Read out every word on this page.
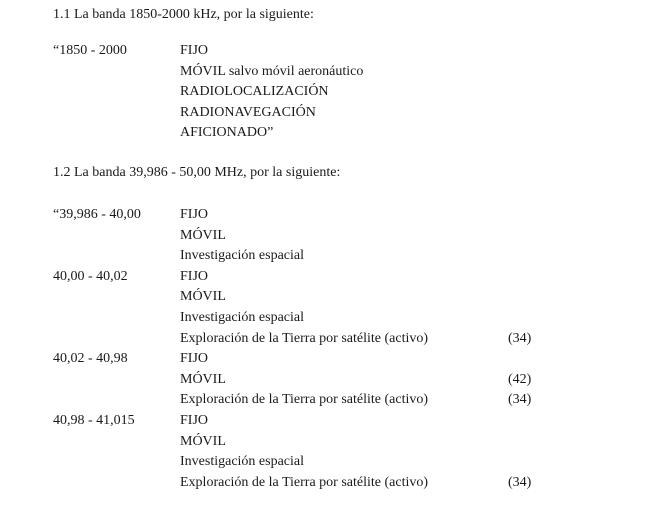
1.1 La banda 1850-2000 kHz, por la siguiente:
“1850 - 2000	FIJO
MÓVIL salvo móvil aeronáutico
RADIOLOCALIZACIÓN
RADIONAVEGACIÓN
AFICIONADO”
1.2 La banda 39,986 - 50,00 MHz, por la siguiente:
“39,986 - 40,00	FIJO
MÓVIL
Investigación espacial
40,00 - 40,02	FIJO
MÓVIL
Investigación espacial
Exploración de la Tierra por satélite (activo)	(34)
40,02 - 40,98	FIJO
MÓVIL	(42)
Exploración de la Tierra por satélite (activo)	(34)
40,98 - 41,015	FIJO
MÓVIL
Investigación espacial
Exploración de la Tierra por satélite (activo)	(34)
